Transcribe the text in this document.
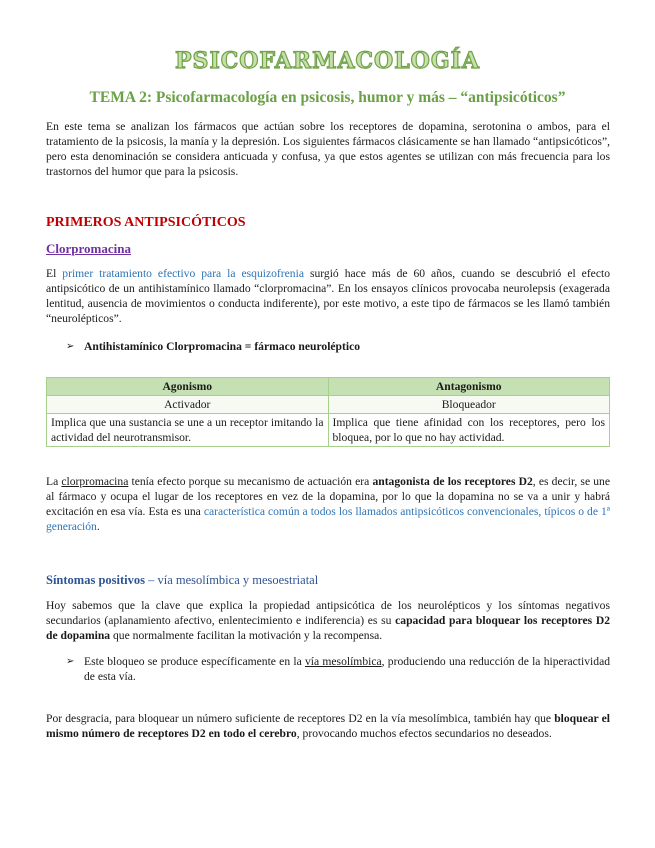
PSICOFARMACOLOGÍA
TEMA 2: Psicofarmacología en psicosis, humor y más – “antipsicóticos”

En este tema se analizan los fármacos que actúan sobre los receptores de dopamina, serotonina o ambos, para el tratamiento de la psicosis, la manía y la depresión. Los siguientes fármacos clásicamente se han llamado “antipsicóticos”, pero esta denominación se considera anticuada y confusa, ya que estos agentes se utilizan con más frecuencia para los trastornos del humor que para la psicosis.

PRIMEROS ANTIPSICÓTICOS
Clorpromacina

El primer tratamiento efectivo para la esquizofrenia surgió hace más de 60 años, cuando se descubrió el efecto antipsicótico de un antihistamínico llamado “clorpromacina”. En los ensayos clínicos provocaba neurolepsis (exagerada lentitud, ausencia de movimientos o conducta indiferente), por este motivo, a este tipo de fármacos se les llamó también “neurolépticos”.

➢ Antihistamínico Clorpromacina = fármaco neuroléptico
Agonismo	Antagonismo
Activador	Bloqueador
Implica que una sustancia se une a un receptor imitando la actividad del neurotransmisor.	Implica que tiene afinidad con los receptores, pero los bloquea, por lo que no hay actividad.

La clorpromacina tenía efecto porque su mecanismo de actuación era antagonista de los receptores D2, es decir, se une al fármaco y ocupa el lugar de los receptores en vez de la dopamina, por lo que la dopamina no se va a unir y habrá excitación en esa vía. Esta es una característica común a todos los llamados antipsicóticos convencionales, típicos o de 1ª generación.

Síntomas positivos – vía mesolímbica y mesoestriatal

Hoy sabemos que la clave que explica la propiedad antipsicótica de los neurolépticos y los síntomas negativos secundarios (aplanamiento afectivo, enlentecimiento e indiferencia) es su capacidad para bloquear los receptores D2 de dopamina que normalmente facilitan la motivación y la recompensa.

➢ Este bloqueo se produce específicamente en la vía mesolímbica, produciendo una reducción de la hiperactividad de esta vía.

Por desgracia, para bloquear un número suficiente de receptores D2 en la vía mesolímbica, también hay que bloquear el mismo número de receptores D2 en todo el cerebro, provocando muchos efectos secundarios no deseados.
